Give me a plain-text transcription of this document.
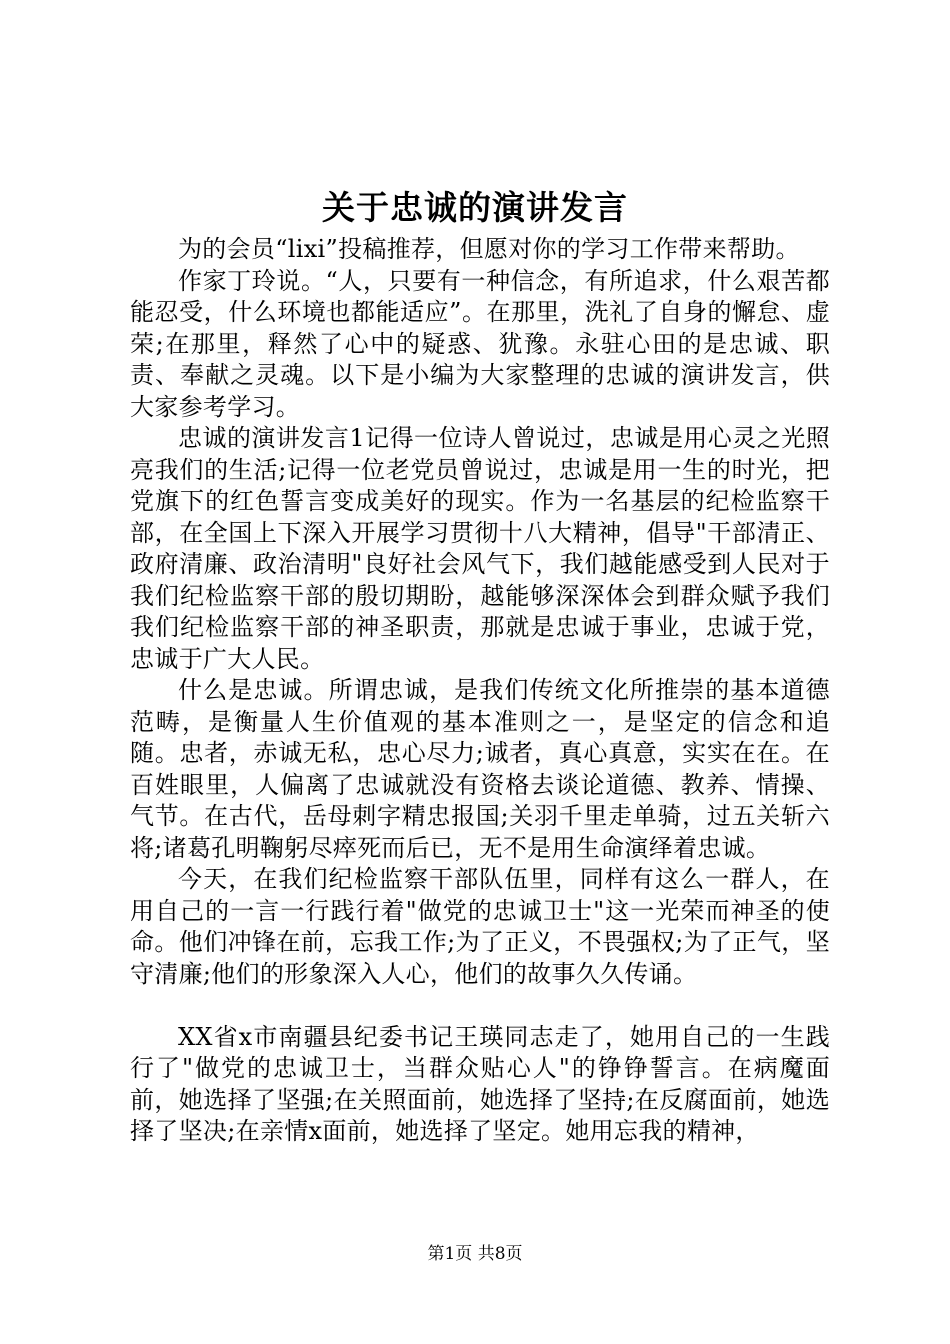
关于忠诚的演讲发言

为的会员“lixi”投稿推荐，但愿对你的学习工作带来帮助。

作家丁玲说。“人，只要有一种信念，有所追求，什么艰苦都能忍受，什么环境也都能适应”。在那里，洗礼了自身的懈怠、虚荣;在那里，释然了心中的疑惑、犹豫。永驻心田的是忠诚、职责、奉献之灵魂。以下是小编为大家整理的忠诚的演讲发言，供大家参考学习。

忠诚的演讲发言1记得一位诗人曾说过，忠诚是用心灵之光照亮我们的生活;记得一位老党员曾说过，忠诚是用一生的时光，把党旗下的红色誓言变成美好的现实。作为一名基层的纪检监察干部，在全国上下深入开展学习贯彻十八大精神，倡导"干部清正、政府清廉、政治清明"良好社会风气下，我们越能感受到人民对于我们纪检监察干部的殷切期盼，越能够深深体会到群众赋予我们我们纪检监察干部的神圣职责，那就是忠诚于事业，忠诚于党，忠诚于广大人民。

什么是忠诚。所谓忠诚，是我们传统文化所推崇的基本道德范畴，是衡量人生价值观的基本准则之一，是坚定的信念和追随。忠者，赤诚无私，忠心尽力;诚者，真心真意，实实在在。在百姓眼里，人偏离了忠诚就没有资格去谈论道德、教养、情操、气节。在古代，岳母刺字精忠报国;关羽千里走单骑，过五关斩六将;诸葛孔明鞠躬尽瘁死而后已，无不是用生命演绎着忠诚。

今天，在我们纪检监察干部队伍里，同样有这么一群人，在用自己的一言一行践行着"做党的忠诚卫士"这一光荣而神圣的使命。他们冲锋在前，忘我工作;为了正义，不畏强权;为了正气，坚守清廉;他们的形象深入人心，他们的故事久久传诵。

XX省x市南疆县纪委书记王瑛同志走了，她用自己的一生践行了"做党的忠诚卫士，当群众贴心人"的铮铮誓言。在病魔面前，她选择了坚强;在关照面前，她选择了坚持;在反腐面前，她选择了坚决;在亲情x面前，她选择了坚定。她用忘我的精神，

第1页 共8页
